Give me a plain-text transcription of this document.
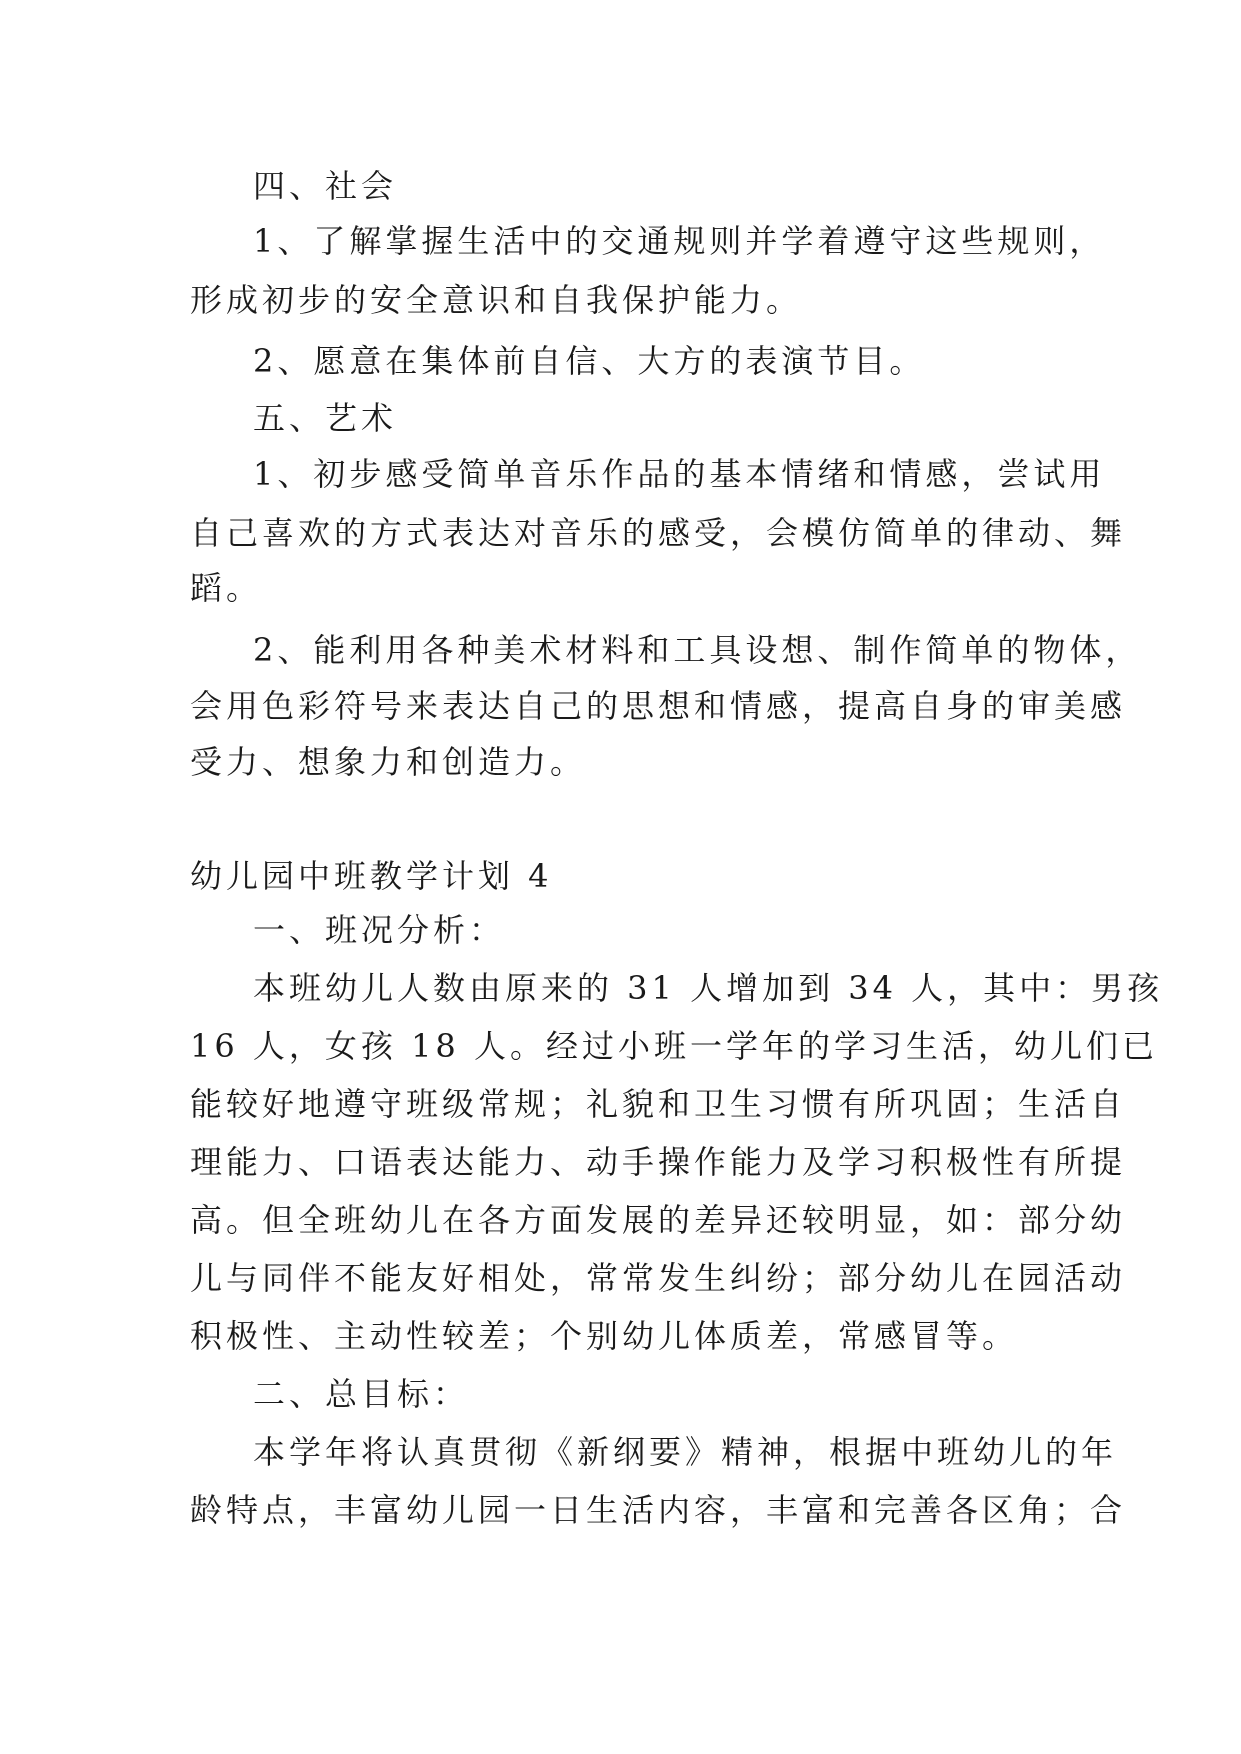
四、社会
1、了解掌握生活中的交通规则并学着遵守这些规则，
形成初步的安全意识和自我保护能力。
2、愿意在集体前自信、大方的表演节目。
五、艺术
1、初步感受简单音乐作品的基本情绪和情感，尝试用
自己喜欢的方式表达对音乐的感受，会模仿简单的律动、舞
蹈。
2、能利用各种美术材料和工具设想、制作简单的物体，
会用色彩符号来表达自己的思想和情感，提高自身的审美感
受力、想象力和创造力。
幼儿园中班教学计划 4
一、班况分析：
本班幼儿人数由原来的 31 人增加到 34 人，其中：男孩
16 人，女孩 18 人。经过小班一学年的学习生活，幼儿们已
能较好地遵守班级常规；礼貌和卫生习惯有所巩固；生活自
理能力、口语表达能力、动手操作能力及学习积极性有所提
高。但全班幼儿在各方面发展的差异还较明显，如：部分幼
儿与同伴不能友好相处，常常发生纠纷；部分幼儿在园活动
积极性、主动性较差；个别幼儿体质差，常感冒等。
二、总目标：
本学年将认真贯彻《新纲要》精神，根据中班幼儿的年
龄特点，丰富幼儿园一日生活内容，丰富和完善各区角；合
